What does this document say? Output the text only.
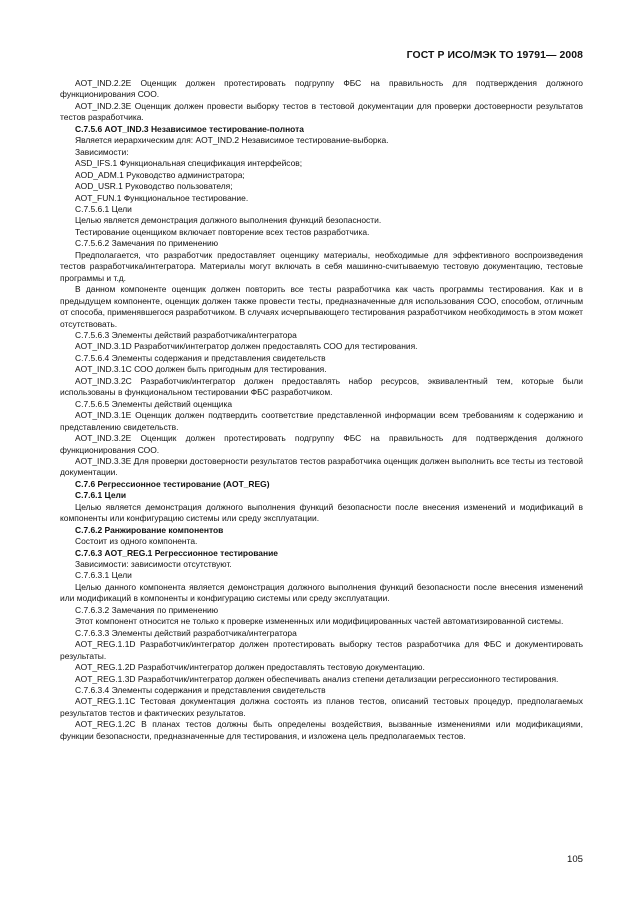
ГОСТ Р ИСО/МЭК ТО 19791— 2008

AOT_IND.2.2E Оценщик должен протестировать подгруппу ФБС на правильность для подтверждения должного функционирования СОО.

AOT_IND.2.3E Оценщик должен провести выборку тестов в тестовой документации для проверки достоверности результатов тестов разработчика.

С.7.5.6 AOT_IND.3 Независимое тестирование-полнота

Является иерархическим для: AOT_IND.2 Независимое тестирование-выборка.

Зависимости:

ASD_IFS.1 Функциональная спецификация интерфейсов;

AOD_ADM.1 Руководство администратора;

AOD_USR.1 Руководство пользователя;

AOT_FUN.1 Функциональное тестирование.

С.7.5.6.1 Цели

Целью является демонстрация должного выполнения функций безопасности.

Тестирование оценщиком включает повторение всех тестов разработчика.

С.7.5.6.2 Замечания по применению

Предполагается, что разработчик предоставляет оценщику материалы, необходимые для эффективного воспроизведения тестов разработчика/интегратора. Материалы могут включать в себя машинно-считываемую тестовую документацию, тестовые программы и т.д.

В данном компоненте оценщик должен повторить все тесты разработчика как часть программы тестирования. Как и в предыдущем компоненте, оценщик должен также провести тесты, предназначенные для использования СОО, способом, отличным от способа, применявшегося разработчиком. В случаях исчерпывающего тестирования разработчиком необходимость в этом может отсутствовать.

С.7.5.6.3 Элементы действий разработчика/интегратора

AOT_IND.3.1D Разработчик/интегратор должен предоставлять СОО для тестирования.

С.7.5.6.4 Элементы содержания и представления свидетельств

AOT_IND.3.1C СОО должен быть пригодным для тестирования.

AOT_IND.3.2C Разработчик/интегратор должен предоставлять набор ресурсов, эквивалентный тем, которые были использованы в функциональном тестировании ФБС разработчиком.

С.7.5.6.5 Элементы действий оценщика

AOT_IND.3.1E Оценщик должен подтвердить соответствие представленной информации всем требованиям к содержанию и представлению свидетельств.

AOT_IND.3.2E Оценщик должен протестировать подгруппу ФБС на правильность для подтверждения должного функционирования СОО.

AOT_IND.3.3E Для проверки достоверности результатов тестов разработчика оценщик должен выполнить все тесты из тестовой документации.

С.7.6 Регрессионное тестирование (AOT_REG)

С.7.6.1 Цели

Целью является демонстрация должного выполнения функций безопасности после внесения изменений и модификаций в компоненты или конфигурацию системы или среду эксплуатации.

С.7.6.2 Ранжирование компонентов

Состоит из одного компонента.

С.7.6.3 AOT_REG.1 Регрессионное тестирование

Зависимости: зависимости отсутствуют.

С.7.6.3.1 Цели

Целью данного компонента является демонстрация должного выполнения функций безопасности после внесения изменений или модификаций в компоненты и конфигурацию системы или среду эксплуатации.

С.7.6.3.2 Замечания по применению

Этот компонент относится не только к проверке измененных или модифицированных частей автоматизированной системы.

С.7.6.3.3 Элементы действий разработчика/интегратора

AOT_REG.1.1D Разработчик/интегратор должен протестировать выборку тестов разработчика для ФБС и документировать результаты.

AOT_REG.1.2D Разработчик/интегратор должен предоставлять тестовую документацию.

AOT_REG.1.3D Разработчик/интегратор должен обеспечивать анализ степени детализации регрессионного тестирования.

С.7.6.3.4 Элементы содержания и представления свидетельств

AOT_REG.1.1C Тестовая документация должна состоять из планов тестов, описаний тестовых процедур, предполагаемых результатов тестов и фактических результатов.

AOT_REG.1.2C В планах тестов должны быть определены воздействия, вызванные изменениями или модификациями, функции безопасности, предназначенные для тестирования, и изложена цель предполагаемых тестов.

105
